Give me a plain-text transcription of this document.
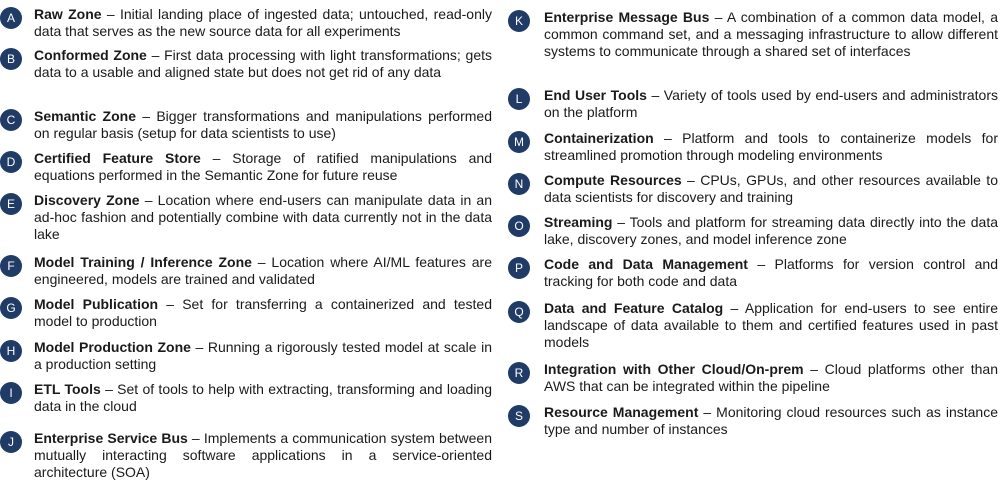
A	Raw Zone – Initial landing place of ingested data; untouched, read-only data that serves as the new source data for all experiments
B	Conformed Zone – First data processing with light transformations; gets data to a usable and aligned state but does not get rid of any data
C	Semantic Zone – Bigger transformations and manipulations performed on regular basis (setup for data scientists to use)
D	Certified Feature Store – Storage of ratified manipulations and equations performed in the Semantic Zone for future reuse
E	Discovery Zone – Location where end-users can manipulate data in an ad-hoc fashion and potentially combine with data currently not in the data lake
F	Model Training / Inference Zone – Location where AI/ML features are engineered, models are trained and validated
G	Model Publication – Set for transferring a containerized and tested model to production
H	Model Production Zone – Running a rigorously tested model at scale in a production setting
I	ETL Tools – Set of tools to help with extracting, transforming and loading data in the cloud
J	Enterprise Service Bus – Implements a communication system between mutually interacting software applications in a service-oriented architecture (SOA)
K	Enterprise Message Bus – A combination of a common data model, a common command set, and a messaging infrastructure to allow different systems to communicate through a shared set of interfaces
L	End User Tools – Variety of tools used by end-users and administrators on the platform
M	Containerization – Platform and tools to containerize models for streamlined promotion through modeling environments
N	Compute Resources – CPUs, GPUs, and other resources available to data scientists for discovery and training
O	Streaming – Tools and platform for streaming data directly into the data lake, discovery zones, and model inference zone
P	Code and Data Management – Platforms for version control and tracking for both code and data
Q	Data and Feature Catalog – Application for end-users to see entire landscape of data available to them and certified features used in past models
R	Integration with Other Cloud/On-prem – Cloud platforms other than AWS that can be integrated within the pipeline
S	Resource Management – Monitoring cloud resources such as instance type and number of instances
